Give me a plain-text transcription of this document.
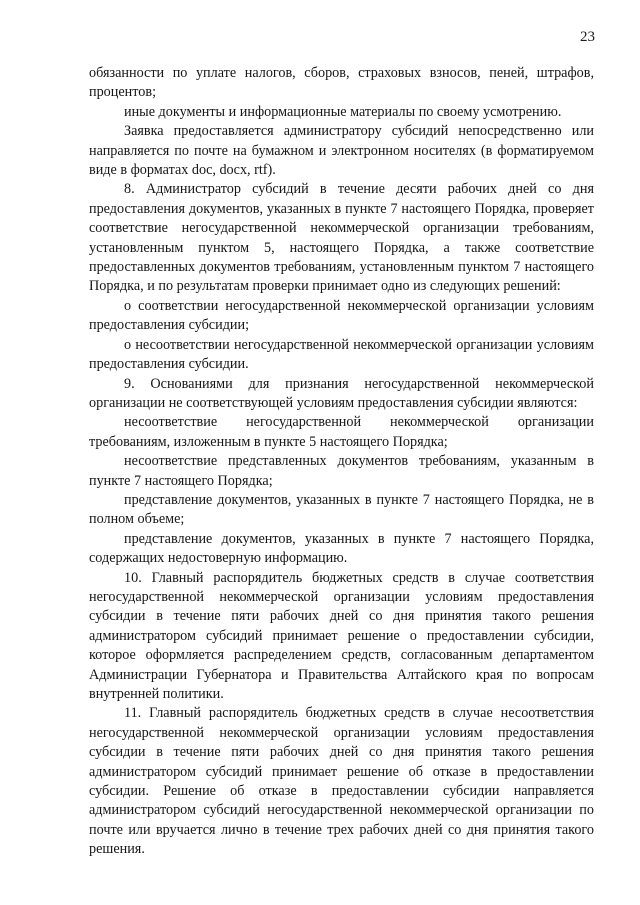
23

обязанности по уплате налогов, сборов, страховых взносов, пеней, штрафов, процентов;

иные документы и информационные материалы по своему усмотрению.

Заявка предоставляется администратору субсидий непосредственно или направляется по почте на бумажном и электронном носителях (в форматируемом виде в форматах doc, docx, rtf).

8. Администратор субсидий в течение десяти рабочих дней со дня предоставления документов, указанных в пункте 7 настоящего Порядка, проверяет соответствие негосударственной некоммерческой организации требованиям, установленным пунктом 5, настоящего Порядка, а также соответствие предоставленных документов требованиям, установленным пунктом 7 настоящего Порядка, и по результатам проверки принимает одно из следующих решений:

о соответствии негосударственной некоммерческой организации условиям предоставления субсидии;

о несоответствии негосударственной некоммерческой организации условиям предоставления субсидии.

9. Основаниями для признания негосударственной некоммерческой организации не соответствующей условиям предоставления субсидии являются:

несоответствие негосударственной некоммерческой организации требованиям, изложенным в пункте 5 настоящего Порядка;

несоответствие представленных документов требованиям, указанным в пункте 7 настоящего Порядка;

представление документов, указанных в пункте 7 настоящего Порядка, не в полном объеме;

представление документов, указанных в пункте 7 настоящего Порядка, содержащих недостоверную информацию.

10. Главный распорядитель бюджетных средств в случае соответствия негосударственной некоммерческой организации условиям предоставления субсидии в течение пяти рабочих дней со дня принятия такого решения администратором субсидий принимает решение о предоставлении субсидии, которое оформляется распределением средств, согласованным департаментом Администрации Губернатора и Правительства Алтайского края по вопросам внутренней политики.

11. Главный распорядитель бюджетных средств в случае несоответствия негосударственной некоммерческой организации условиям предоставления субсидии в течение пяти рабочих дней со дня принятия такого решения администратором субсидий принимает решение об отказе в предоставлении субсидии. Решение об отказе в предоставлении субсидии направляется администратором субсидий негосударственной некоммерческой организации по почте или вручается лично в течение трех рабочих дней со дня принятия такого решения.
